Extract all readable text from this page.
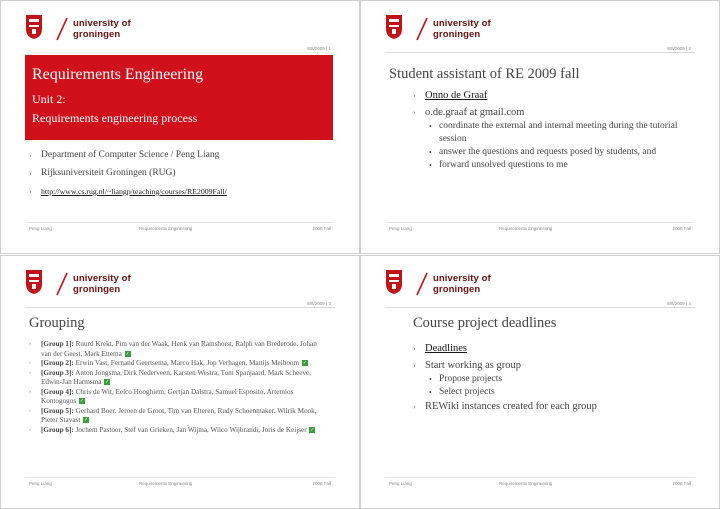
university of
groningen
8/8/2009 | 1
Requirements Engineering
Unit 2:
Requirements engineering process
› Department of Computer Science / Peng Liang
› Rijksuniversiteit Groningen (RUG)
› http://www.cs.rug.nl/~liangp/teaching/courses/RE2009Fall/
Peng Liang	Requirements Engineering	2009 Fall
university of
groningen
8/8/2009 | 2
Student assistant of RE 2009 fall
› Onno de Graaf
› o.de.graaf at gmail.com
• coordinate the external and internal meeting during the tutorial session
• answer the questions and requests posed by students, and
• forward unsolved questions to me
Peng Liang	Requirements Engineering	2009 Fall
university of
groningen
8/8/2009 | 3
Grouping
› [Group 1]: Ruurd Krekt, Pim van der Waak, Henk van Ramshorst, Ralph van Brederode, Johan van der Geest, Mark Ettema ✓
› [Group 2]: Erwin Vast, Fernand Geertsema, Marco Hak, Jop Verhagen, Mattijs Meiboom ✓
› [Group 3]: Anton Jongsma, Dirk Nederveen, Karsten Westra, Tom Spanjaard, Mark Scheeve, Edwin-Jan Harmsma ✓
› [Group 4]: Chris de Wit, Eelco Hooghiem, Gertjan Dalstra, Samuel Esposito, Artemios Kontogogos ✓
› [Group 5]: Gerhard Boer, Jeroen de Groot, Tim van Elteren, Rudy Schoenmaker, Wilrik Mook, Pieter Stavast ✓
› [Group 6]: Jochem Pastoor, Stef van Grieken, Jan Wijma, Wilco Wijbrandi, Joris de Keijser ✓
Peng Liang	Requirements Engineering	2009 Fall
university of
groningen
8/8/2009 | 4
Course project deadlines
› Deadlines
› Start working as group
• Propose projects
• Select projects
› REWiki instances created for each group
Peng Liang	Requirements Engineering	2009 Fall
